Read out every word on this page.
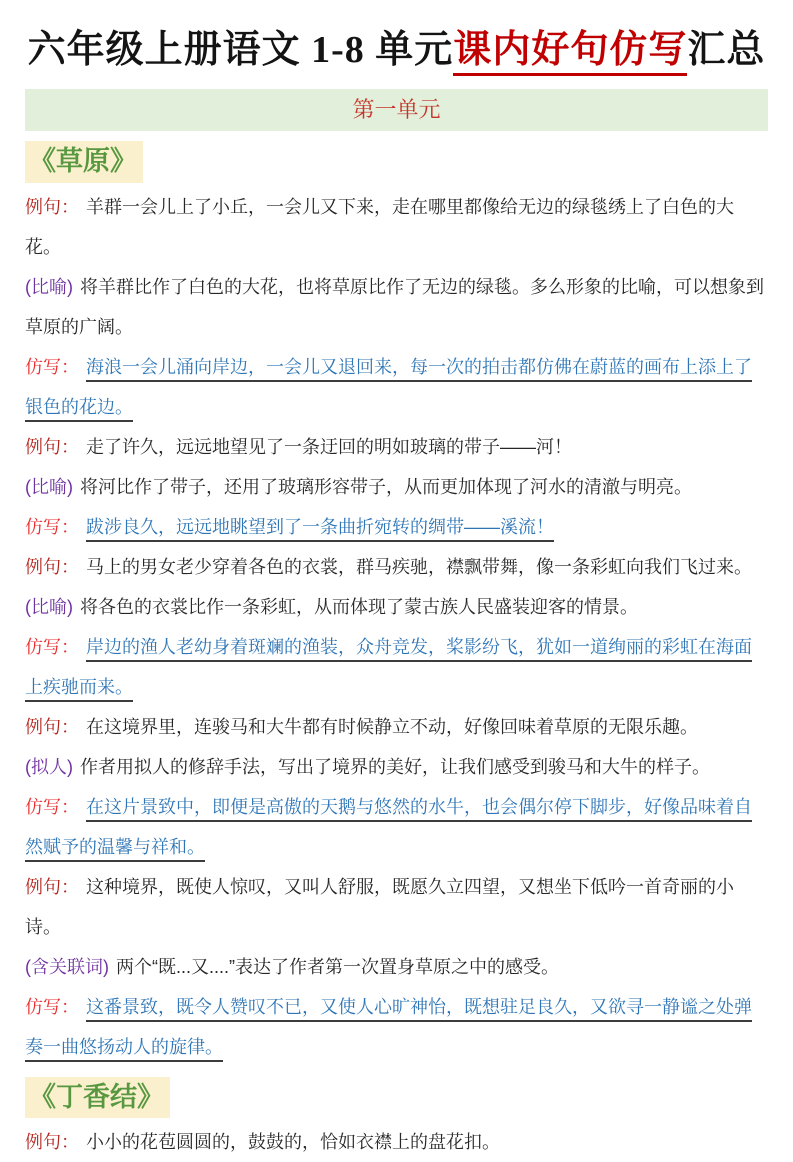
六年级上册语文 1-8 单元课内好句仿写汇总
第一单元
《草原》

例句： 羊群一会儿上了小丘，一会儿又下来，走在哪里都像给无边的绿毯绣上了白色的大花。

(比喻) 将羊群比作了白色的大花，也将草原比作了无边的绿毯。多么形象的比喻，可以想象到草原的广阔。

仿写： 海浪一会儿涌向岸边，一会儿又退回来，每一次的拍击都仿佛在蔚蓝的画布上添上了银色的花边。

例句： 走了许久，远远地望见了一条迂回的明如玻璃的带子——河！

(比喻) 将河比作了带子，还用了玻璃形容带子，从而更加体现了河水的清澈与明亮。

仿写： 跋涉良久，远远地眺望到了一条曲折宛转的绸带——溪流！

例句： 马上的男女老少穿着各色的衣裳，群马疾驰，襟飘带舞，像一条彩虹向我们飞过来。

(比喻) 将各色的衣裳比作一条彩虹，从而体现了蒙古族人民盛装迎客的情景。

仿写： 岸边的渔人老幼身着斑斓的渔装，众舟竞发，桨影纷飞，犹如一道绚丽的彩虹在海面上疾驰而来。

例句： 在这境界里，连骏马和大牛都有时候静立不动，好像回味着草原的无限乐趣。

(拟人) 作者用拟人的修辞手法，写出了境界的美好，让我们感受到骏马和大牛的样子。

仿写： 在这片景致中，即便是高傲的天鹅与悠然的水牛，也会偶尔停下脚步，好像品味着自然赋予的温馨与祥和。

例句： 这种境界，既使人惊叹，又叫人舒服，既愿久立四望，又想坐下低吟一首奇丽的小诗。

(含关联词) 两个“既...又....”表达了作者第一次置身草原之中的感受。

仿写： 这番景致，既令人赞叹不已，又使人心旷神怡，既想驻足良久，又欲寻一静谧之处弹奏一曲悠扬动人的旋律。

《丁香结》

例句： 小小的花苞圆圆的，鼓鼓的，恰如衣襟上的盘花扣。
